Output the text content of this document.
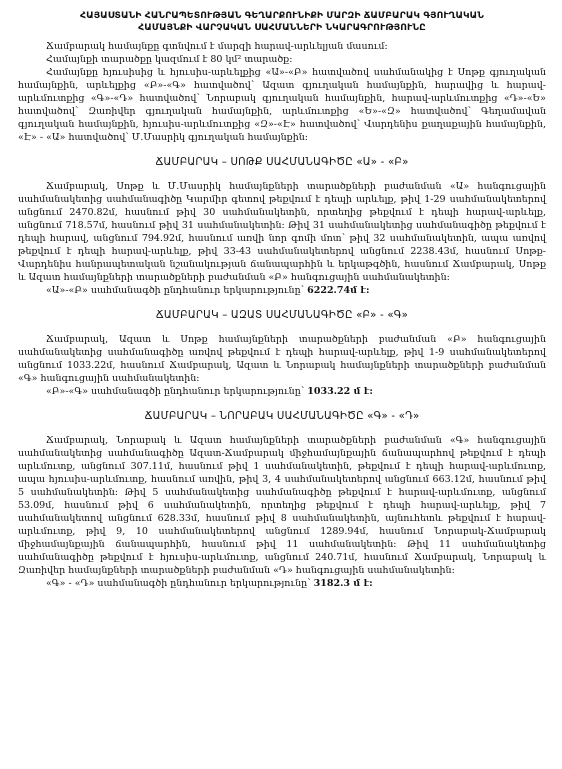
ՀԱՅԱՍՏԱՆԻ ՀԱՆՐԱՊԵՏՈՒԹՅԱՆ ԳԵՂԱՐՔՈՒՆԻՔԻ ՄԱՐԶԻ ՃԱՄԲԱՐԱԿ ԳՅՈՒՂԱԿԱՆ
ՀԱՄԱՅՆՔԻ ՎԱՐՉԱԿԱՆ ՍԱՀՄԱՆՆԵՐԻ ՆԿԱՐԱԳՐՈՒԹՅՈՒՆԸ

Ճամբարակ համայնքը գտնվում է մարզի հարավ-արևելյան մասում:

Համայնքի տարածքը կազմում է 80 կմ² տարածք:

Համայնքը հյուսիսից և հյուսիս-արևելքից «Ա»-«Բ» հատվածով սահմանակից է Սոթք գյուղական համայնքին, արևելքից «Բ»-«Գ» հատվածով՝ Ազատ գյուղական համայնքին, հարավից և հարավ-արևմուտքից «Գ»-«Դ» հատվածով՝ Նորաբակ գյուղական համայնքին, հարավ-արևմուտքից «Դ»-«Ե» հատվածով՝ Զառիվեր գյուղական համայնքին, արևմուտքից «Ե»-«Զ» հատվածով՝ Գեղամավան գյուղական համայնքին, հյուսիս-արևմուտքից «Զ»-«Է» հատվածով՝ Վարդենիս քաղաքային համայնքին, «Է» - «Ա» հատվածով՝ Մ.Մասրիկ գյուղական համայնքին:

ՃԱՄԲԱՐԱԿ – ՍՈԹՔ ՍԱՀՄԱՆԱԳԻԾԸ «Ա» - «Բ»

Ճամբարակ, Սոթք և Մ.Մասրիկ համայնքների տարածքների բաժանման «Ա» հանգուցային սահմանակետից սահմանագիծը Կարմիր գետով թեքվում է դեպի արևելք, թիվ 1-29 սահմանակետերով անցնում 2470.82մ, հասնում թիվ 30 սահմանակետին, որտեղից թեքվում է դեպի հարավ-արևելք, անցնում 718.57մ, հասնում թիվ 31 սահմանակետին: Թիվ 31 սահմանակետից սահմանագիծը թեքվում է դեպի հարավ, անցնում 794.92մ, հասնում առվի նոր գոմի մոտ՝ թիվ 32 սահմանակետին, ապա առվով թեքվում է դեպի հարավ-արևելք, թիվ 33-43 սահմանակետերով անցնում 2238.43մ, հասնում Սոթք-Վարդենիս հանրապետական նշանակության ճանապարհին և երկաթգծին, հասնում Ճամբարակ, Սոթք և Ազատ համայնքների տարածքների բաժանման «Բ» հանգուցային սահմանակետին:

«Ա»-«Բ» սահմանագծի ընդհանուր երկարությունը՝ 6222.74մ է:
ՃԱՄԲԱՐԱԿ – ԱԶԱՏ ՍԱՀՄԱՆԱԳԻԾԸ «Բ» - «Գ»

Ճամբարակ, Ազատ և Սոթք համայնքների տարածքների բաժանման «Բ» հանգուցային սահմանակետից սահմանագիծը առվով թեքվում է դեպի հարավ-արևելք, թիվ 1-9 սահմանակետերով անցնում 1033.22մ, հասնում Ճամբարակ, Ազատ և Նորաբակ համայնքների տարածքների բաժանման «Գ» հանգուցային սահմանակետին:

«Բ»-«Գ» սահմանագծի ընդհանուր երկարությունը՝ 1033.22 մ է:
ՃԱՄԲԱՐԱԿ – ՆՈՐԱԲԱԿ ՍԱՀՄԱՆԱԳԻԾԸ «Գ» - «Դ»

Ճամբարակ, Նորաբակ և Ազատ համայնքների տարածքների բաժանման «Գ» հանգուցային սահմանակետից սահմանագիծը Ազատ-Ճամբարակ միջհամայնքային ճանապարհով թեքվում է դեպի արևմուտք, անցնում 307.11մ, հասնում թիվ 1 սահմանակետին, թեքվում է դեպի հարավ-արևմուտք, ապա հյուսիս-արևմուտք, հասնում առվին, թիվ 3, 4 սահմանակետերով անցնում 663.12մ, հասնում թիվ 5 սահմանակետին: Թիվ 5 սահմանակետից սահմանագիծը թեքվում է հարավ-արևմուտք, անցնում 53.09մ, հասնում թիվ 6 սահմանակետին, որտեղից թեքվում է դեպի հարավ-արևելք, թիվ 7 սահմանակետով անցնում 628.33մ, հասնում թիվ 8 սահմանակետին, այնուհետև թեքվում է հարավ-արևմուտք, թիվ 9, 10 սահմանակետերով անցնում 1289.94մ, հասնում Նորաբակ-Ճամբարակ միջհամայնքային ճանապարհին, հասնում թիվ 11 սահմանակետին: Թիվ 11 սահմանակետից սահմանագիծը թեքվում է հյուսիս-արևմուտք, անցնում 240.71մ, հասնում Ճամբարակ, Նորաբակ և Զառիվեր համայնքների տարածքների բաժանման «Դ» հանգուցային սահմանակետին:

«Գ» - «Դ» սահմանագծի ընդհանուր երկարությունը՝ 3182.3 մ է:
